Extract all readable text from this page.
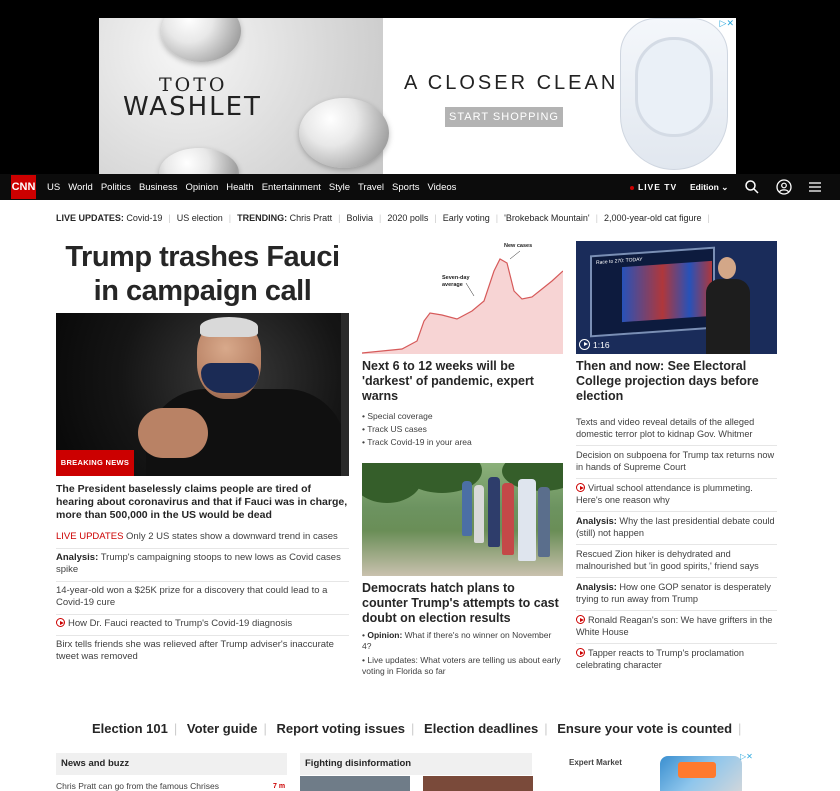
TOTO
WASHLET
A CLOSER CLEAN
START SHOPPING
▷✕
CNN US World Politics Business Opinion Health Entertainment Style Travel Sports Videos	LIVE TV Edition ⌄
LIVE UPDATES:
Covid-19 | US election | TRENDING:
Chris Pratt | Bolivia | 2020 polls | Early voting | 'Brokeback Mountain' | 2,000-year-old cat figure |
Trump trashes Fauci in campaign call
BREAKING NEWS
The President baselessly claims people are tired of hearing about coronavirus and that if Fauci was in charge, more than 500,000 in the US would be dead
LIVE UPDATES Only 2 US states show a downward trend in cases
Analysis: Trump's campaigning stoops to new lows as Covid cases spike
14-year-old won a $25K prize for a discovery that could lead to a Covid-19 cure
How Dr. Fauci reacted to Trump's Covid-19 diagnosis
Birx tells friends she was relieved after Trump adviser's inaccurate tweet was removed
New cases
Seven-day average
Next 6 to 12 weeks will be 'darkest' of pandemic, expert warns
• Special coverage
• Track US cases
• Track Covid-19 in your area
Democrats hatch plans to counter Trump's attempts to cast doubt on election results
• Opinion: What if there's no winner on November 4?
• Live updates: What voters are telling us about early voting in Florida so far
Race to 270: TODAY
1:16
Then and now: See Electoral College projection days before election
Texts and video reveal details of the alleged domestic terror plot to kidnap Gov. Whitmer
Decision on subpoena for Trump tax returns now in hands of Supreme Court
Virtual school attendance is plummeting. Here's one reason why
Analysis: Why the last presidential debate could (still) not happen
Rescued Zion hiker is dehydrated and malnourished but 'in good spirits,' friend says
Analysis: How one GOP senator is desperately trying to run away from Trump
Ronald Reagan's son: We have grifters in the White House
Tapper reacts to Trump's proclamation celebrating character
Election 101 | Voter guide | Report voting issues | Election deadlines | Ensure your vote is counted |
News and buzz
Chris Pratt can go from the famous Chrises	7 m
Fighting disinformation	Expert Market
▷✕
